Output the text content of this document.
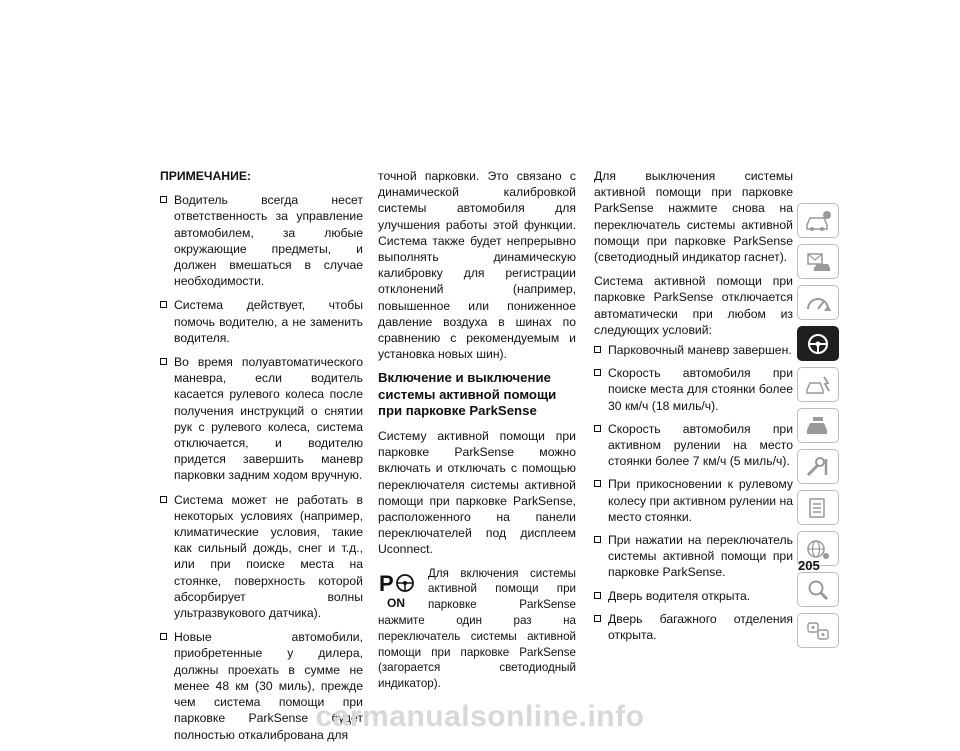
ПРИМЕЧАНИЕ:

Водитель всегда несет ответственность за управление автомобилем, за любые окружающие предметы, и должен вмешаться в случае необходимости.
Система действует, чтобы помочь водителю, а не заменить водителя.
Во время полуавтоматического маневра, если водитель касается рулевого колеса после получения инструкций о снятии рук с рулевого колеса, система отключается, и водителю придется завершить маневр парковки задним ходом вручную.
Система может не работать в некоторых условиях (например, климатические условия, такие как сильный дождь, снег и т.д., или при поиске места на стоянке, поверхность которой абсорбирует волны ультразвукового датчика).
Новые автомобили, приобретенные у дилера, должны проехать в сумме не менее 48 км (30 миль), прежде чем система помощи при парковке ParkSense будет полностью откалибрована для

точной парковки. Это связано с динамической калибровкой системы автомобиля для улучшения работы этой функции. Система также будет непрерывно выполнять динамическую калибровку для регистрации отклонений (например, повышенное или пониженное давление воздуха в шинах по сравнению с рекомендуемым и установка новых шин).

Включение и выключение системы активной помощи при парковке ParkSense

Систему активной помощи при парковке ParkSense можно включать и отключать с помощью переключателя системы активной помощи при парковке ParkSense, расположенного на панели переключателей под дисплеем Uconnect.

P
ON

Для включения системы активной помощи при парковке ParkSense нажмите один раз на переключатель системы активной помощи при парковке ParkSense (загорается светодиодный индикатор).

Для выключения системы активной помощи при парковке ParkSense нажмите снова на переключатель системы активной помощи при парковке ParkSense (светодиодный индикатор гаснет).

Система активной помощи при парковке ParkSense отключается автоматически при любом из следующих условий:

Парковочный маневр завершен.
Скорость автомобиля при поиске места для стоянки более 30 км/ч (18 миль/ч).
Скорость автомобиля при активном рулении на место стоянки более 7 км/ч (5 миль/ч).
При прикосновении к рулевому колесу при активном рулении на место стоянки.
При нажатии на переключатель системы активной помощи при парковке ParkSense.
Дверь водителя открыта.
Дверь багажного отделения открыта.
205
carmanualsonline.info
